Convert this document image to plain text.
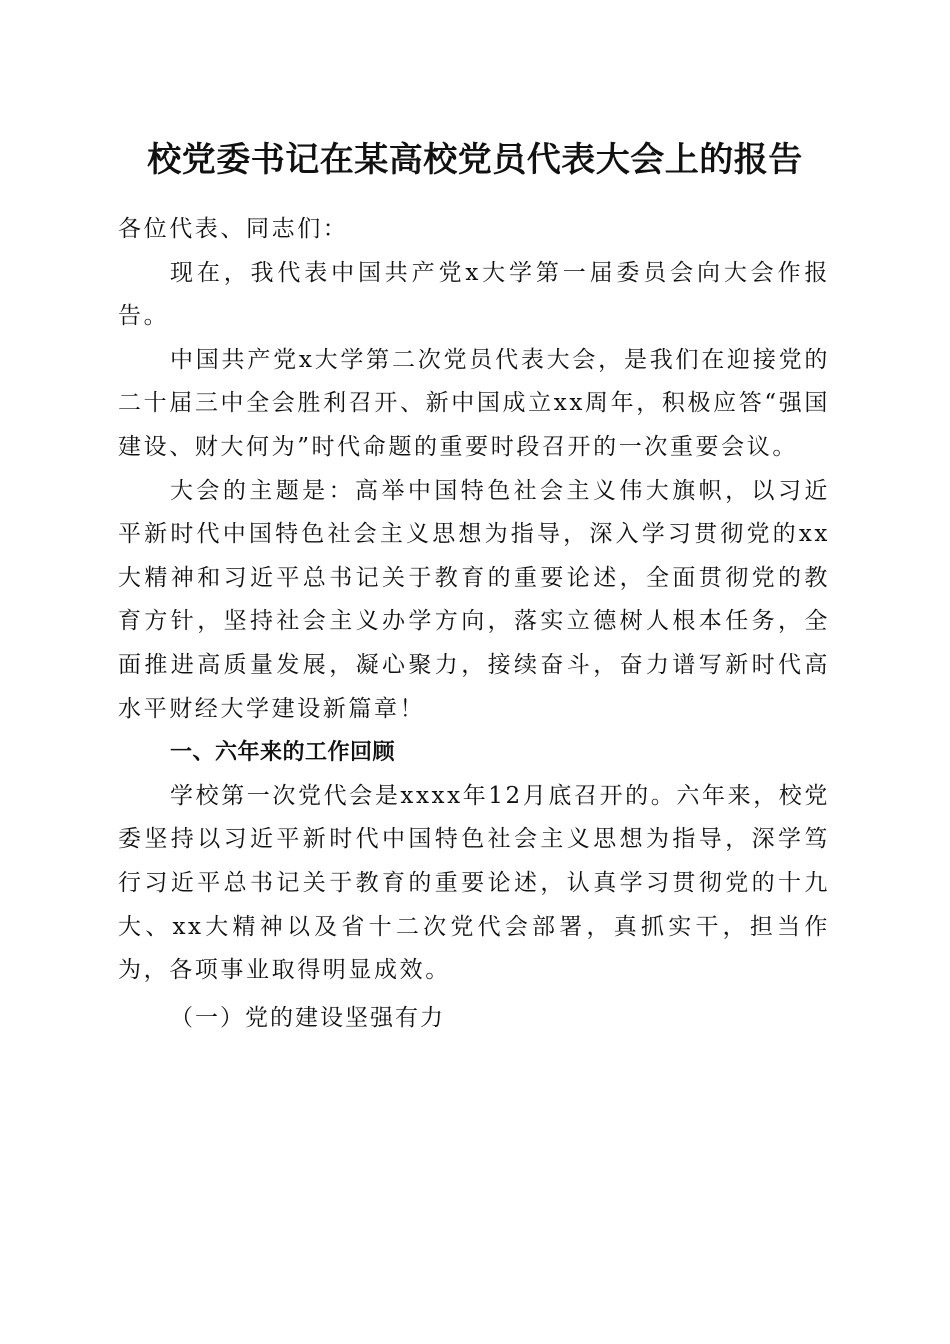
校党委书记在某高校党员代表大会上的报告

各位代表、同志们：

现在，我代表中国共产党x大学第一届委员会向大会作报告。

中国共产党x大学第二次党员代表大会，是我们在迎接党的二十届三中全会胜利召开、新中国成立xx周年，积极应答“强国建设、财大何为”时代命题的重要时段召开的一次重要会议。

大会的主题是：高举中国特色社会主义伟大旗帜，以习近平新时代中国特色社会主义思想为指导，深入学习贯彻党的xx大精神和习近平总书记关于教育的重要论述，全面贯彻党的教育方针，坚持社会主义办学方向，落实立德树人根本任务，全面推进高质量发展，凝心聚力，接续奋斗，奋力谱写新时代高水平财经大学建设新篇章！

一、六年来的工作回顾

学校第一次党代会是xxxx年12月底召开的。六年来，校党委坚持以习近平新时代中国特色社会主义思想为指导，深学笃行习近平总书记关于教育的重要论述，认真学习贯彻党的十九大、xx大精神以及省十二次党代会部署，真抓实干，担当作为，各项事业取得明显成效。

（一）党的建设坚强有力
